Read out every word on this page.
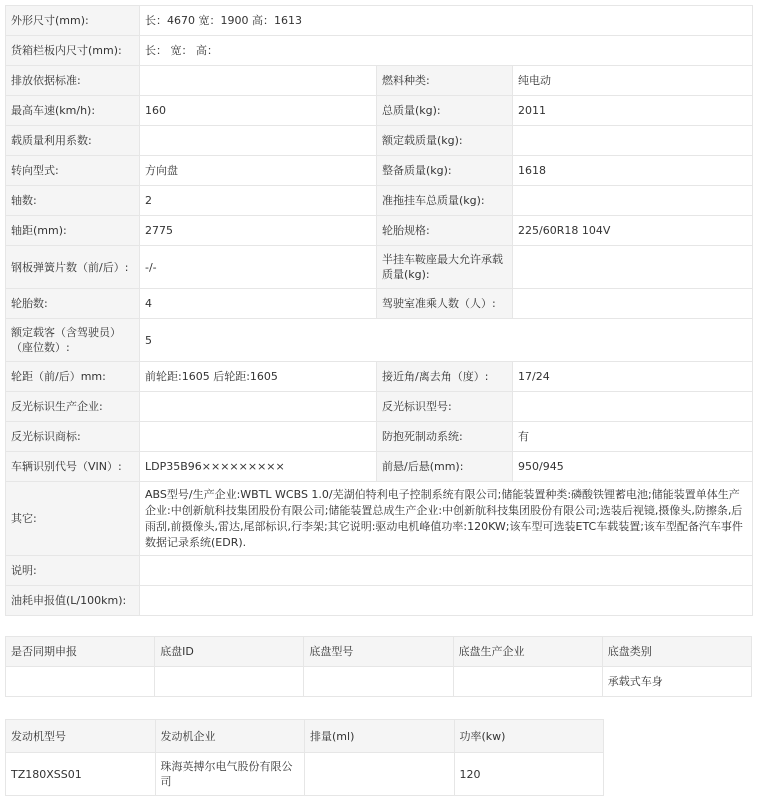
外形尺寸(mm):	长：4670 宽：1900 高：1613		
货箱栏板内尺寸(mm):	长： 宽： 高：		
排放依据标准:		燃料种类:	纯电动
最高车速(km/h):	160	总质量(kg):	2011
载质量利用系数:		额定载质量(kg):	
转向型式:	方向盘	整备质量(kg):	1618
轴数:	2	准拖挂车总质量(kg):	
轴距(mm):	2775	轮胎规格:	225/60R18 104V
钢板弹簧片数（前/后）:	-/-	半挂车鞍座最大允许承载质量(kg):	
轮胎数:	4	驾驶室准乘人数（人）:	
额定载客（含驾驶员）（座位数）:	5		
轮距（前/后）mm:	前轮距:1605 后轮距:1605	接近角/离去角（度）:	17/24
反光标识生产企业:		反光标识型号:	
反光标识商标:		防抱死制动系统:	有
车辆识别代号（VIN）:	LDP35B96×××××××××	前悬/后悬(mm):	950/945
其它:	ABS型号/生产企业:WBTL WCBS 1.0/芜湖伯特利电子控制系统有限公司;储能装置种类:磷酸铁锂蓄电池;储能装置单体生产企业:中创新航科技集团股份有限公司;储能装置总成生产企业:中创新航科技集团股份有限公司;选装后视镜,摄像头,防擦条,后雨刮,前摄像头,雷达,尾部标识,行李架;其它说明:驱动电机峰值功率:120KW;该车型可选装ETC车载装置;该车型配备汽车事件数据记录系统(EDR).		
说明:			
油耗申报值(L/100km):			
是否同期申报	底盘ID	底盘型号	底盘生产企业	底盘类别
				承载式车身
发动机型号	发动机企业	排量(ml)	功率(kw)
TZ180XSS01	珠海英搏尔电气股份有限公司		120
